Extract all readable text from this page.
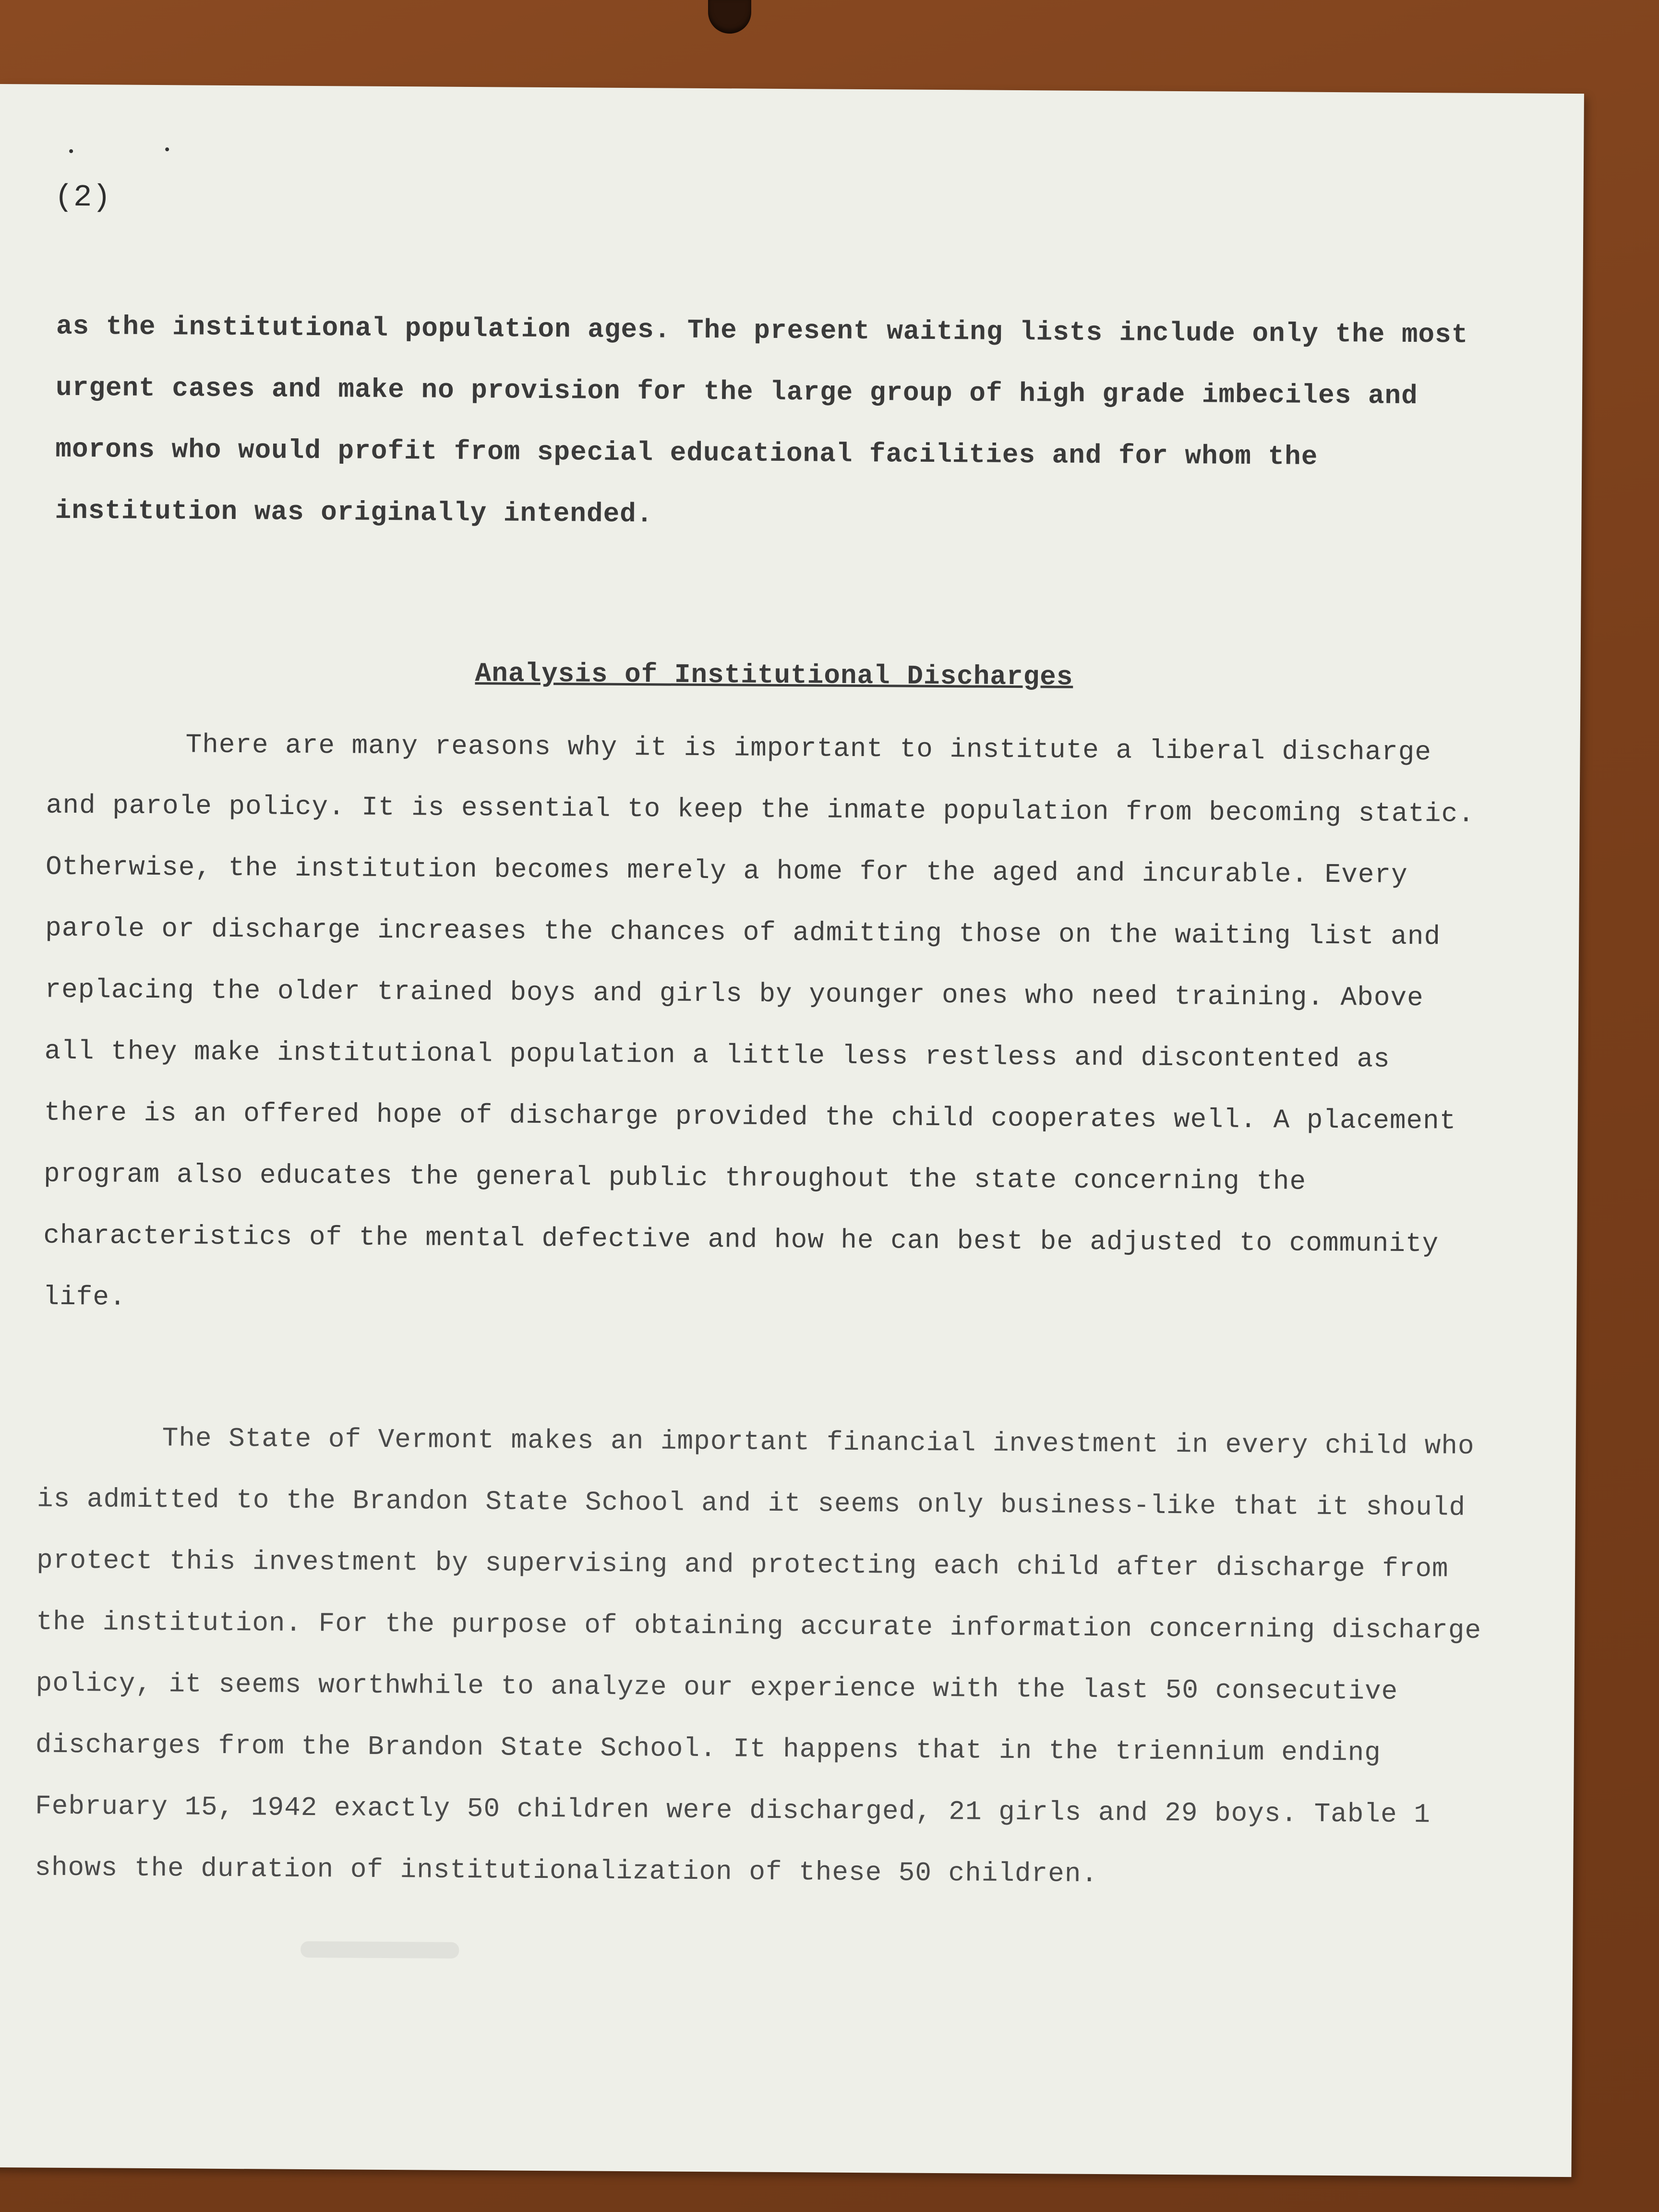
(2)

as the institutional population ages. The present waiting lists include only the most urgent cases and make no provision for the large group of high grade imbeciles and morons who would profit from special educational facilities and for whom the institution was originally intended.

Analysis of Institutional Discharges

There are many reasons why it is important to institute a liberal discharge and parole policy. It is essential to keep the inmate population from becoming static. Otherwise, the institution becomes merely a home for the aged and incurable. Every parole or discharge increases the chances of admitting those on the waiting list and replacing the older trained boys and girls by younger ones who need training. Above all they make institutional population a little less restless and discontented as there is an offered hope of discharge provided the child cooperates well. A placement program also educates the general public throughout the state concerning the characteristics of the mental defective and how he can best be adjusted to community life.

The State of Vermont makes an important financial investment in every child who is admitted to the Brandon State School and it seems only business-like that it should protect this investment by supervising and protecting each child after discharge from the institution. For the purpose of obtaining accurate information concerning discharge policy, it seems worthwhile to analyze our experience with the last 50 consecutive discharges from the Brandon State School. It happens that in the triennium ending February 15, 1942 exactly 50 children were discharged, 21 girls and 29 boys. Table 1 shows the duration of institutionalization of these 50 children.
